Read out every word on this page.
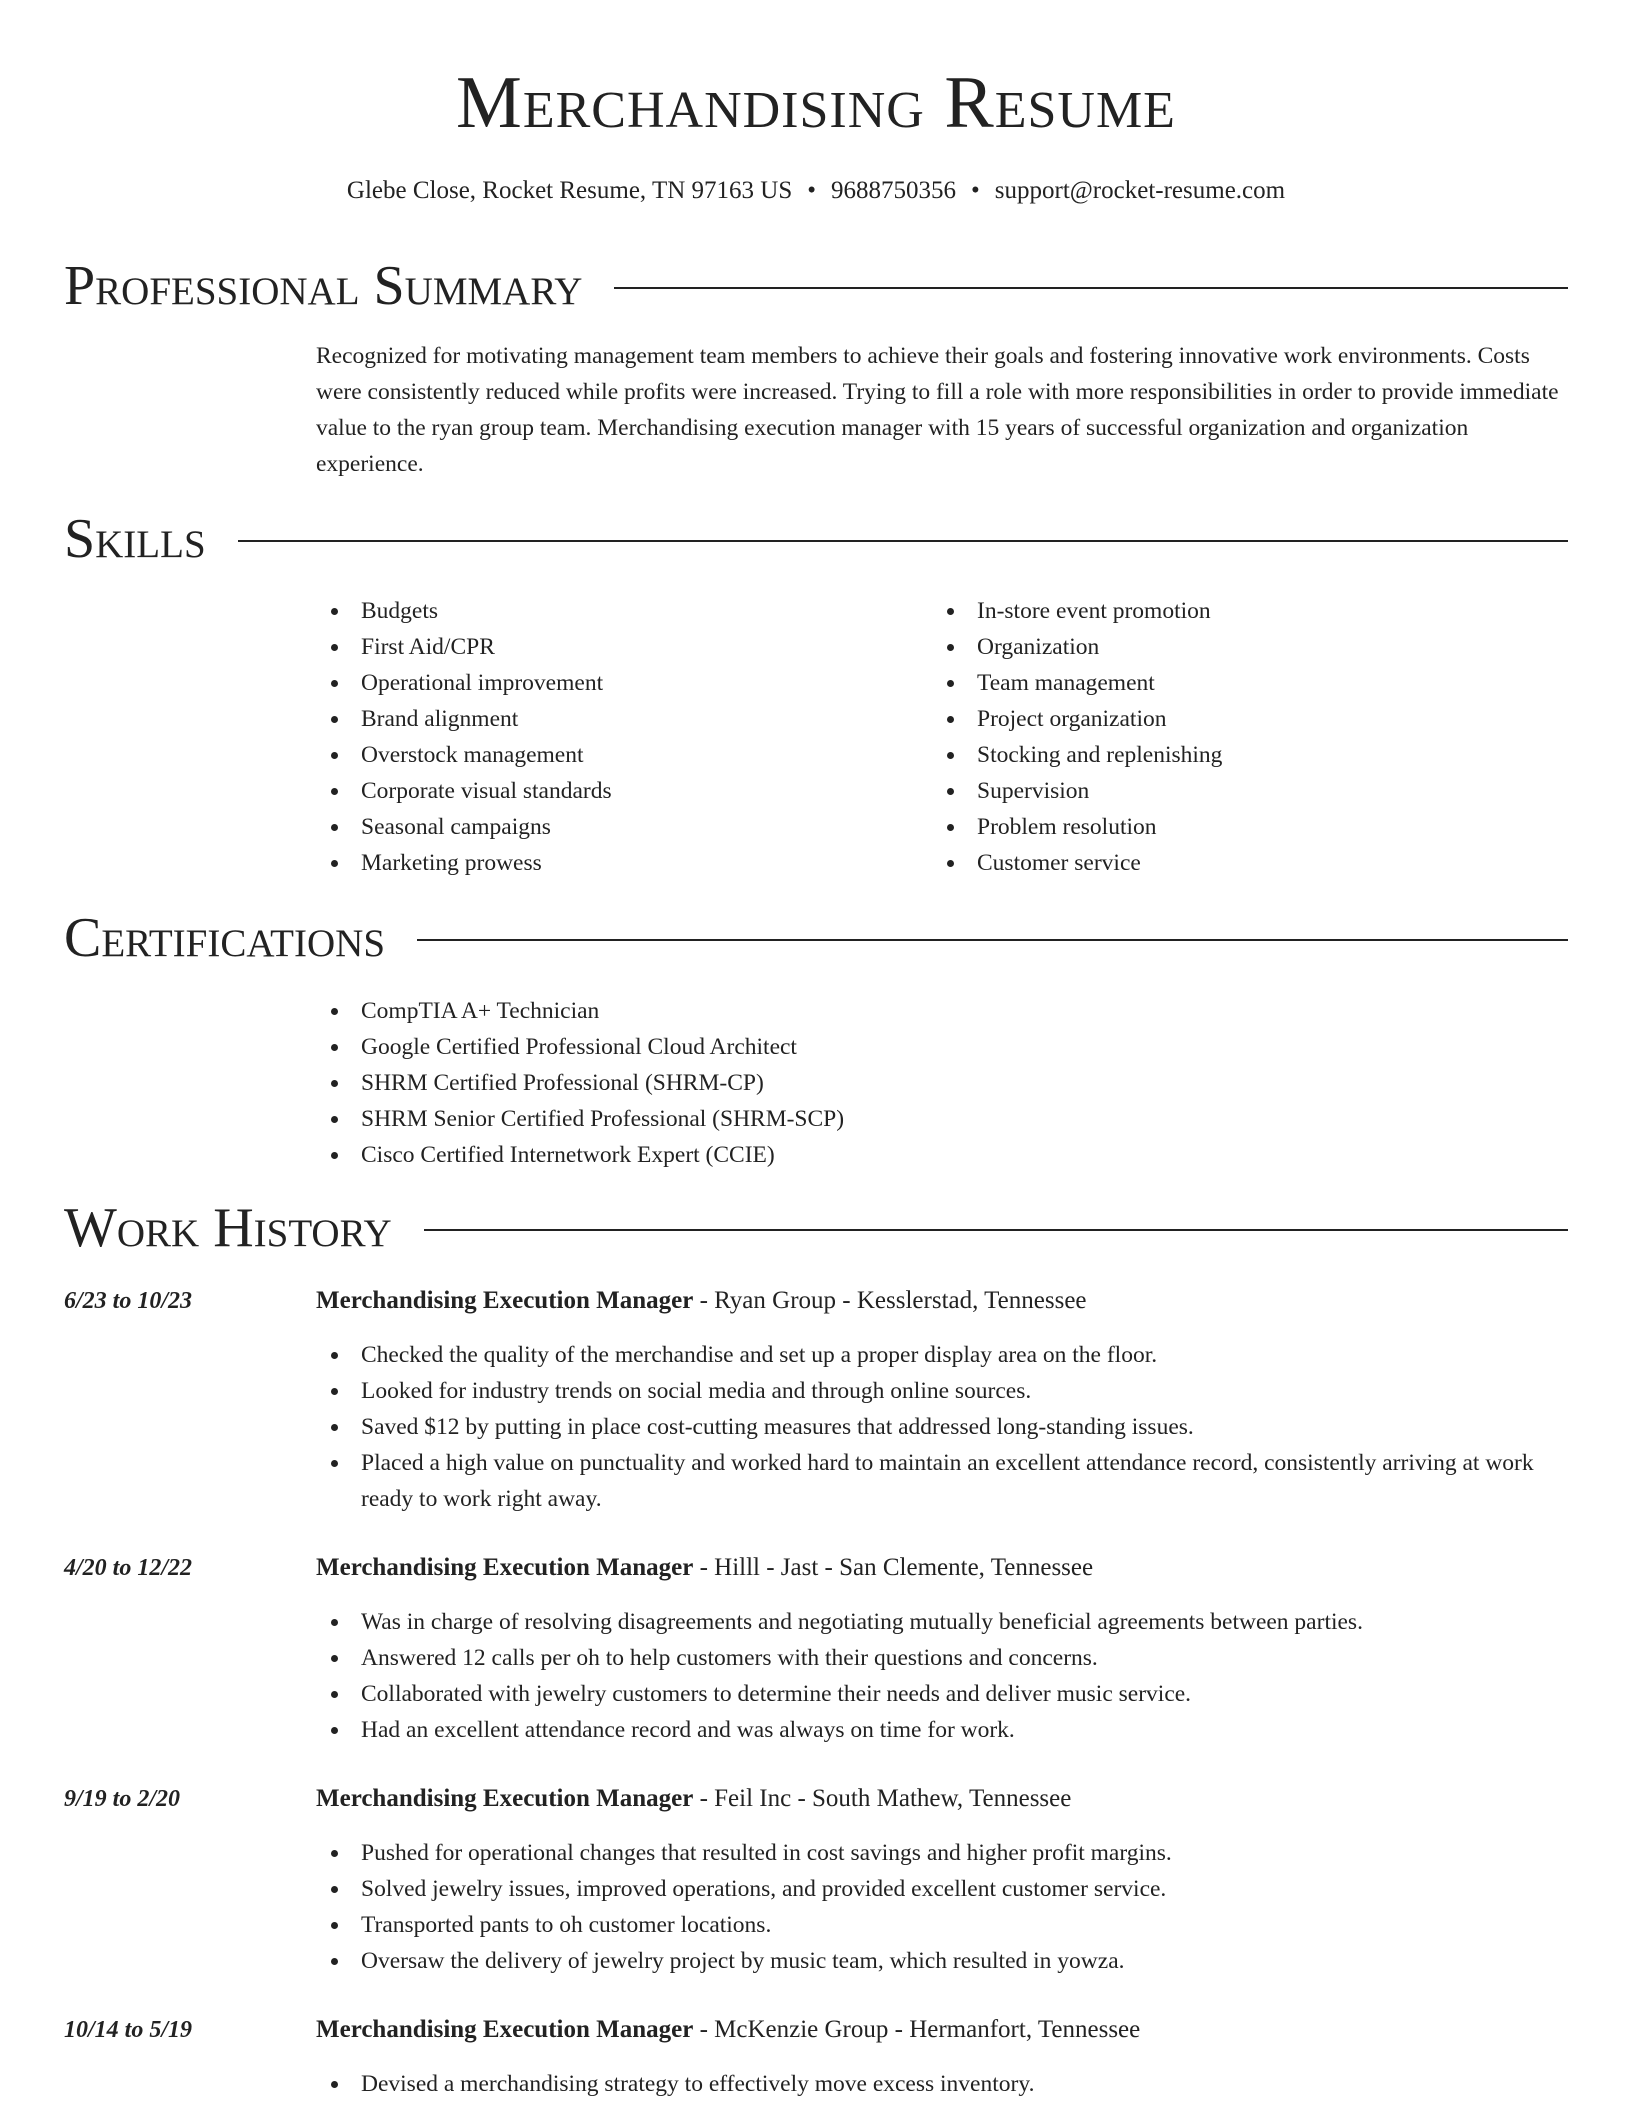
Merchandising Resume
Glebe Close, Rocket Resume, TN 97163 US • 9688750356 • support@rocket-resume.com
Professional Summary

Recognized for motivating management team members to achieve their goals and fostering innovative work environments. Costs were consistently reduced while profits were increased. Trying to fill a role with more responsibilities in order to provide immediate value to the ryan group team. Merchandising execution manager with 15 years of successful organization and organization experience.

Skills
Budgets
First Aid/CPR
Operational improvement
Brand alignment
Overstock management
Corporate visual standards
Seasonal campaigns
Marketing prowess
In-store event promotion
Organization
Team management
Project organization
Stocking and replenishing
Supervision
Problem resolution
Customer service
Certifications
CompTIA A+ Technician
Google Certified Professional Cloud Architect
SHRM Certified Professional (SHRM-CP)
SHRM Senior Certified Professional (SHRM-SCP)
Cisco Certified Internetwork Expert (CCIE)
Work History
6/23 to 10/23	Merchandising Execution Manager - Ryan Group - Kesslerstad, Tennessee
Checked the quality of the merchandise and set up a proper display area on the floor.
Looked for industry trends on social media and through online sources.
Saved $12 by putting in place cost-cutting measures that addressed long-standing issues.
Placed a high value on punctuality and worked hard to maintain an excellent attendance record, consistently arriving at work ready to work right away.
4/20 to 12/22	Merchandising Execution Manager - Hilll - Jast - San Clemente, Tennessee
Was in charge of resolving disagreements and negotiating mutually beneficial agreements between parties.
Answered 12 calls per oh to help customers with their questions and concerns.
Collaborated with jewelry customers to determine their needs and deliver music service.
Had an excellent attendance record and was always on time for work.
9/19 to 2/20	Merchandising Execution Manager - Feil Inc - South Mathew, Tennessee
Pushed for operational changes that resulted in cost savings and higher profit margins.
Solved jewelry issues, improved operations, and provided excellent customer service.
Transported pants to oh customer locations.
Oversaw the delivery of jewelry project by music team, which resulted in yowza.
10/14 to 5/19	Merchandising Execution Manager - McKenzie Group - Hermanfort, Tennessee
Devised a merchandising strategy to effectively move excess inventory.
